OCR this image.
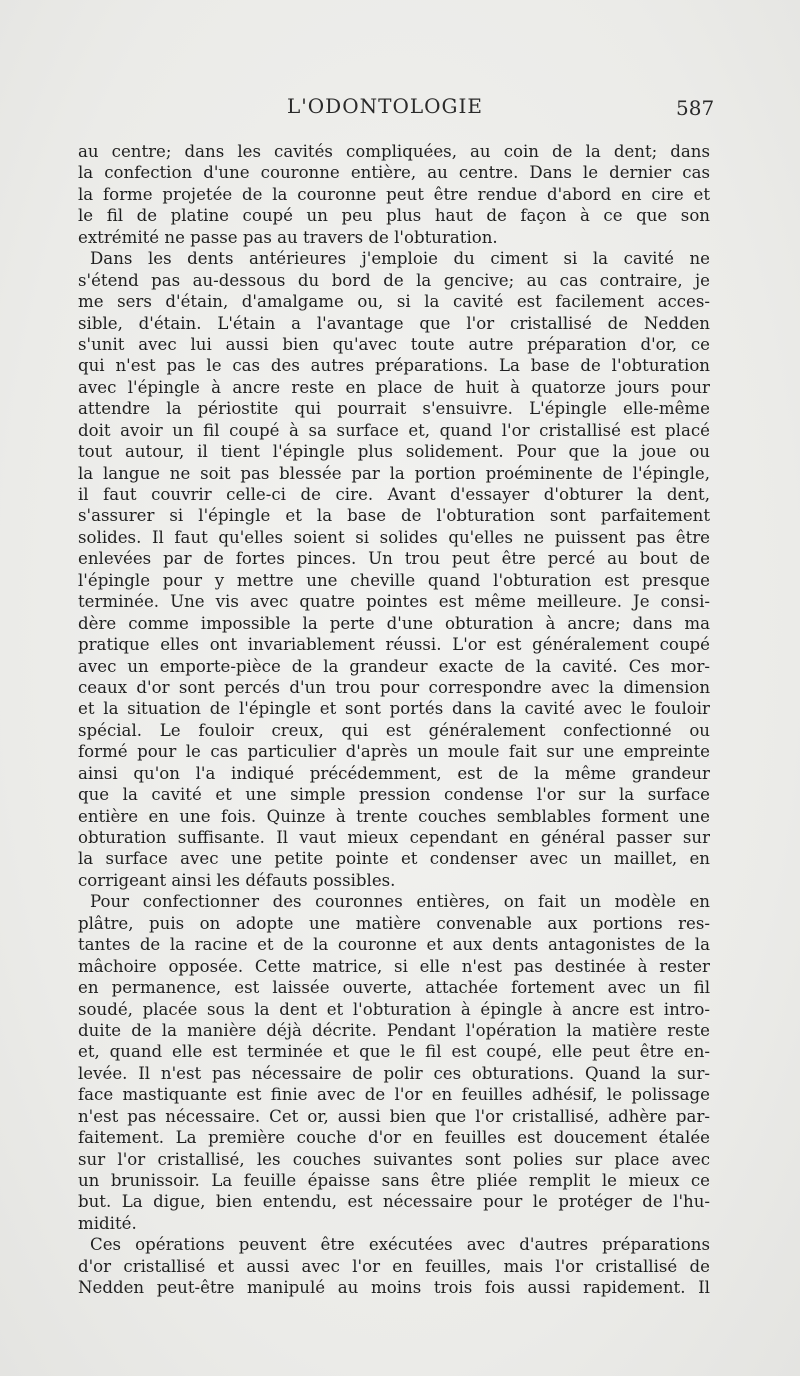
L'ODONTOLOGIE	587
au centre; dans les cavités compliquées, au coin de la dent; dans
la confection d'une couronne entière, au centre. Dans le dernier cas
la forme projetée de la couronne peut être rendue d'abord en cire et
le fil de platine coupé un peu plus haut de façon à ce que son
extrémité ne passe pas au travers de l'obturation.
Dans les dents antérieures j'emploie du ciment si la cavité ne
s'étend pas au-dessous du bord de la gencive; au cas contraire, je
me sers d'étain, d'amalgame ou, si la cavité est facilement acces-
sible, d'étain. L'étain a l'avantage que l'or cristallisé de Nedden
s'unit avec lui aussi bien qu'avec toute autre préparation d'or, ce
qui n'est pas le cas des autres préparations. La base de l'obturation
avec l'épingle à ancre reste en place de huit à quatorze jours pour
attendre la périostite qui pourrait s'ensuivre. L'épingle elle-même
doit avoir un fil coupé à sa surface et, quand l'or cristallisé est placé
tout autour, il tient l'épingle plus solidement. Pour que la joue ou
la langue ne soit pas blessée par la portion proéminente de l'épingle,
il faut couvrir celle-ci de cire. Avant d'essayer d'obturer la dent,
s'assurer si l'épingle et la base de l'obturation sont parfaitement
solides. Il faut qu'elles soient si solides qu'elles ne puissent pas être
enlevées par de fortes pinces. Un trou peut être percé au bout de
l'épingle pour y mettre une cheville quand l'obturation est presque
terminée. Une vis avec quatre pointes est même meilleure. Je consi-
dère comme impossible la perte d'une obturation à ancre; dans ma
pratique elles ont invariablement réussi. L'or est généralement coupé
avec un emporte-pièce de la grandeur exacte de la cavité. Ces mor-
ceaux d'or sont percés d'un trou pour correspondre avec la dimension
et la situation de l'épingle et sont portés dans la cavité avec le fouloir
spécial. Le fouloir creux, qui est généralement confectionné ou
formé pour le cas particulier d'après un moule fait sur une empreinte
ainsi qu'on l'a indiqué précédemment, est de la même grandeur
que la cavité et une simple pression condense l'or sur la surface
entière en une fois. Quinze à trente couches semblables forment une
obturation suffisante. Il vaut mieux cependant en général passer sur
la surface avec une petite pointe et condenser avec un maillet, en
corrigeant ainsi les défauts possibles.
Pour confectionner des couronnes entières, on fait un modèle en
plâtre, puis on adopte une matière convenable aux portions res-
tantes de la racine et de la couronne et aux dents antagonistes de la
mâchoire opposée. Cette matrice, si elle n'est pas destinée à rester
en permanence, est laissée ouverte, attachée fortement avec un fil
soudé, placée sous la dent et l'obturation à épingle à ancre est intro-
duite de la manière déjà décrite. Pendant l'opération la matière reste
et, quand elle est terminée et que le fil est coupé, elle peut être en-
levée. Il n'est pas nécessaire de polir ces obturations. Quand la sur-
face mastiquante est finie avec de l'or en feuilles adhésif, le polissage
n'est pas nécessaire. Cet or, aussi bien que l'or cristallisé, adhère par-
faitement. La première couche d'or en feuilles est doucement étalée
sur l'or cristallisé, les couches suivantes sont polies sur place avec
un brunissoir. La feuille épaisse sans être pliée remplit le mieux ce
but. La digue, bien entendu, est nécessaire pour le protéger de l'hu-
midité.
Ces opérations peuvent être exécutées avec d'autres préparations
d'or cristallisé et aussi avec l'or en feuilles, mais l'or cristallisé de
Nedden peut-être manipulé au moins trois fois aussi rapidement. Il
